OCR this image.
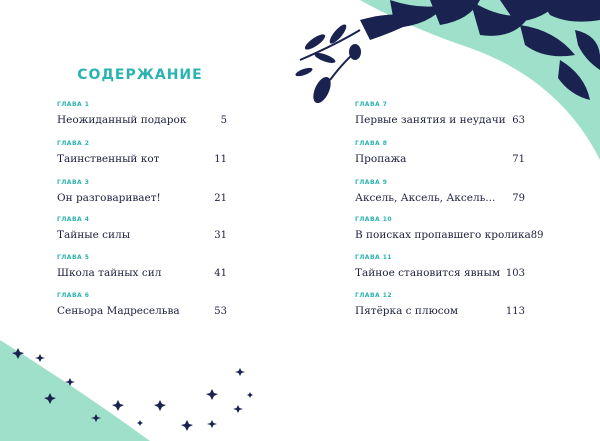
СОДЕРЖАНИЕ
ГЛАВА 1
Неожиданный подарок	5
ГЛАВА 2
Таинственный кот	11
ГЛАВА 3
Он разговаривает!	21
ГЛАВА 4
Тайные силы	31
ГЛАВА 5
Школа тайных сил	41
ГЛАВА 6
Сеньора Мадресельва	53
ГЛАВА 7
Первые занятия и неудачи 63
ГЛАВА 8
Пропажа	71
ГЛАВА 9
Аксель, Аксель, Аксель... 79
ГЛАВА 10
В поисках пропавшего кролика 89
ГЛАВА 11
Тайное становится явным 103
ГЛАВА 12
Пятёрка с плюсом	113
